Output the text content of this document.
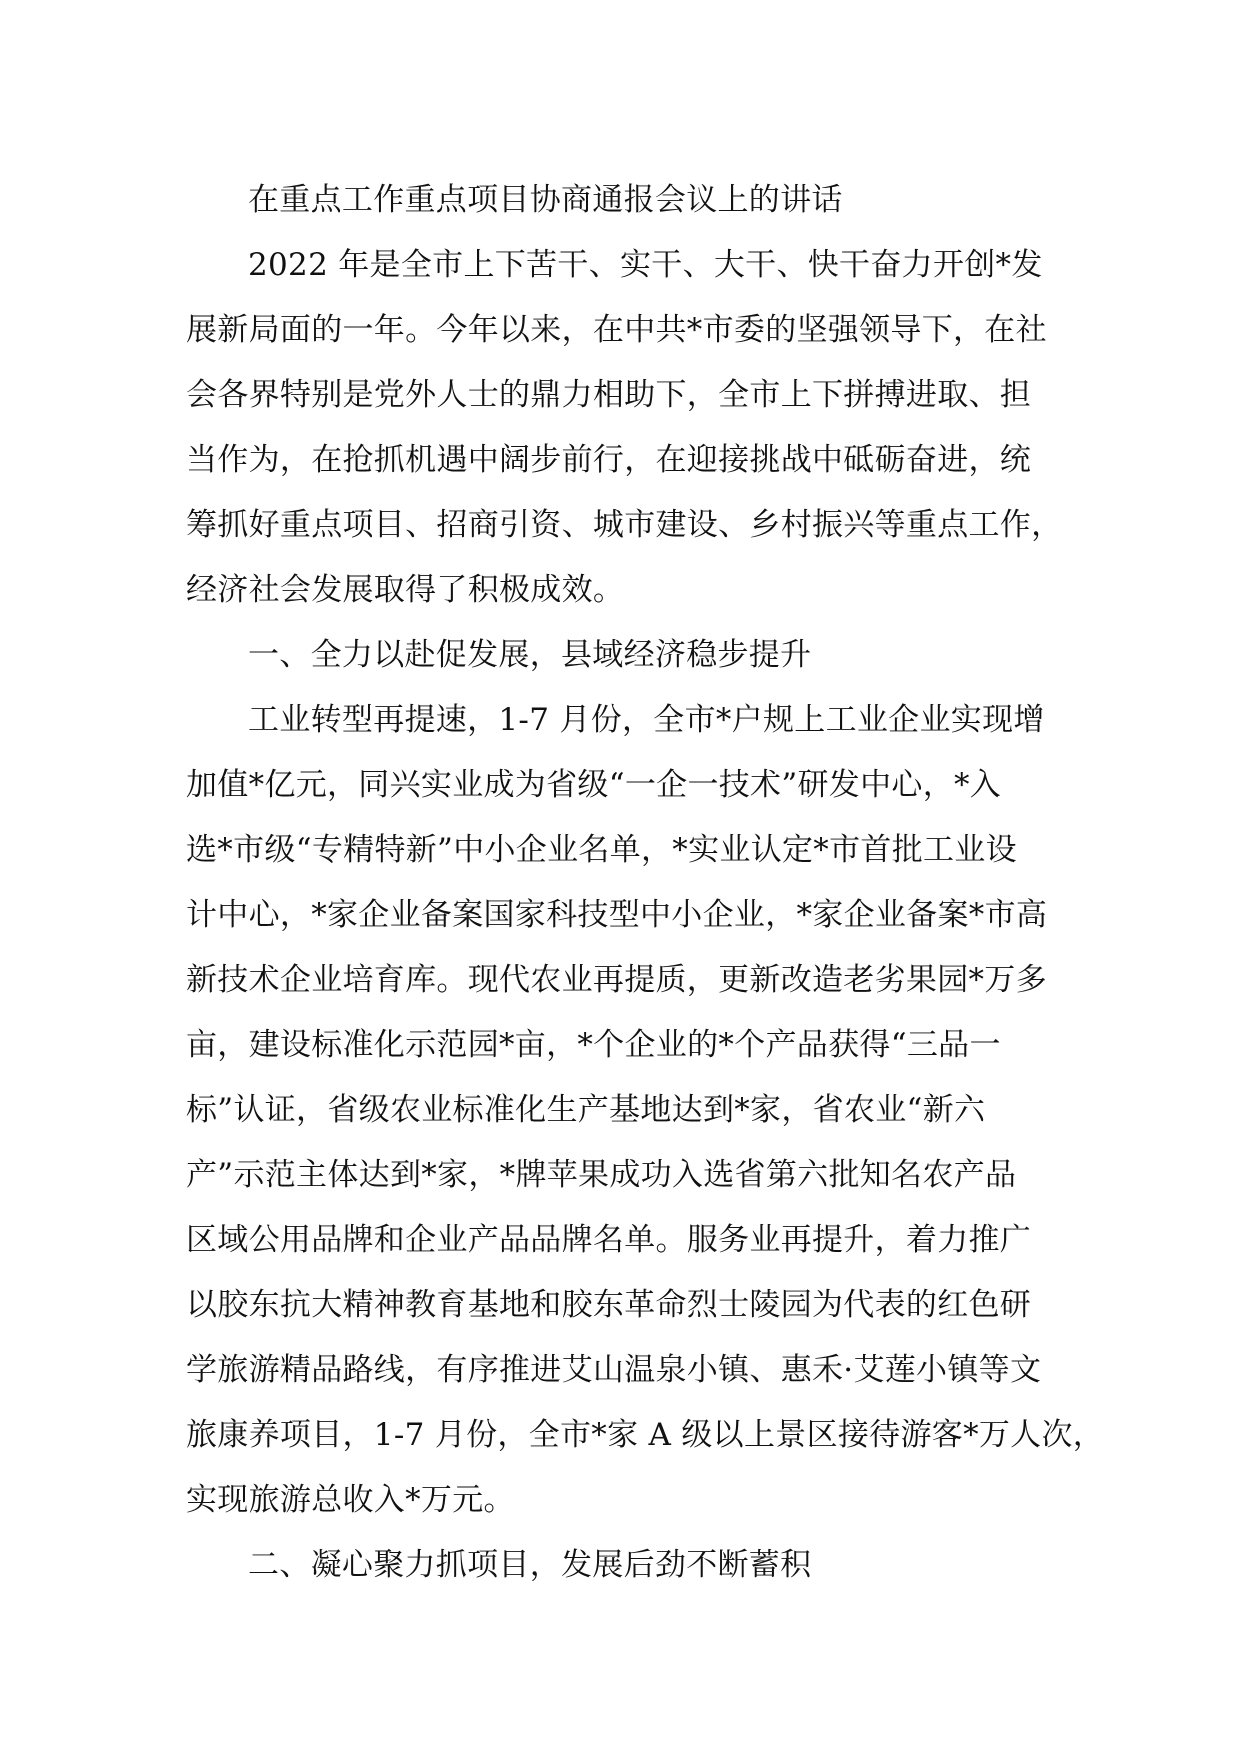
在重点工作重点项目协商通报会议上的讲话
2022 年是全市上下苦干、实干、大干、快干奋力开创*发
展新局面的一年。今年以来，在中共*市委的坚强领导下，在社
会各界特别是党外人士的鼎力相助下，全市上下拼搏进取、担
当作为，在抢抓机遇中阔步前行，在迎接挑战中砥砺奋进，统
筹抓好重点项目、招商引资、城市建设、乡村振兴等重点工作，
经济社会发展取得了积极成效。
一、全力以赴促发展，县域经济稳步提升
工业转型再提速，1-7 月份，全市*户规上工业企业实现增
加值*亿元，同兴实业成为省级“一企一技术”研发中心，*入
选*市级“专精特新”中小企业名单，*实业认定*市首批工业设
计中心，*家企业备案国家科技型中小企业，*家企业备案*市高
新技术企业培育库。现代农业再提质，更新改造老劣果园*万多
亩，建设标准化示范园*亩，*个企业的*个产品获得“三品一
标”认证，省级农业标准化生产基地达到*家，省农业“新六
产”示范主体达到*家，*牌苹果成功入选省第六批知名农产品
区域公用品牌和企业产品品牌名单。服务业再提升，着力推广
以胶东抗大精神教育基地和胶东革命烈士陵园为代表的红色研
学旅游精品路线，有序推进艾山温泉小镇、惠禾·艾莲小镇等文
旅康养项目，1-7 月份，全市*家 A 级以上景区接待游客*万人次，
实现旅游总收入*万元。
二、凝心聚力抓项目，发展后劲不断蓄积
